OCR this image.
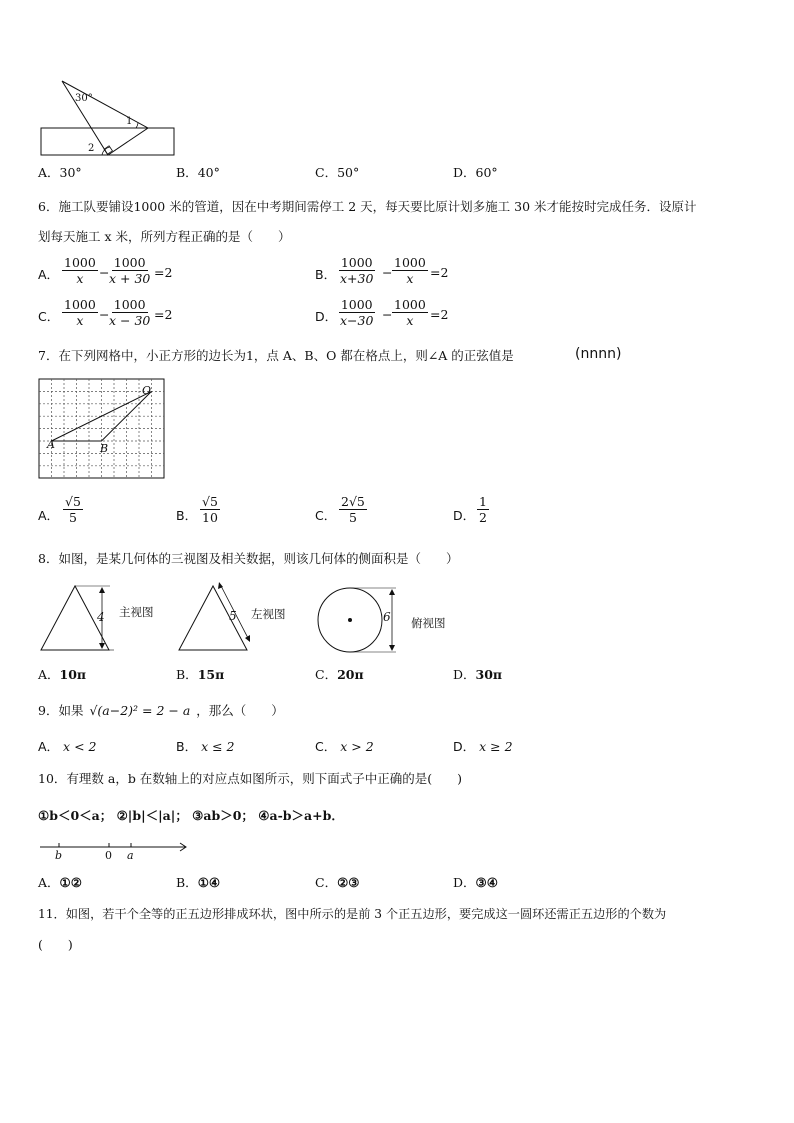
30°
1
2
A．30°	B．40°	C．50°	D．60°
6．施工队要铺设1000 米的管道，因在中考期间需停工 2 天，每天要比原计划多施工 30 米才能按时完成任务．设原计
划每天施工 x 米，所列方程正确的是（　　）
A． $\frac{1000}{x}$ −
$\frac{1000}{x + 30} =2$	B． $\frac{1000}{x+30} - \frac{1000}{x} =2$
C． $\frac{1000}{x}$ −
$\frac{1000}{x - 30} =2$	D． $\frac{1000}{x-30} - \frac{1000}{x} =2$
7．在下列网格中，小正方形的边长为1，点 A、B、O 都在格点上，则∠A 的正弦值是	(nnnn)
O
A	B
A． $\frac{√5}{5}$	B． $\frac{√5}{10}$	C． $\frac{2√5}{5}$	D． $\frac{1}{2}$
8．如图，是某几何体的三视图及相关数据，则该几何体的侧面积是（　　）
4 主视图	5 左视图	6 俯视图
A．10π	B．15π	C．20π	D．30π
9．如果 √(a−2)² = 2 − a ，那么（　　）
A． x < 2	B． x ≤ 2	C． x > 2	D． x ≥ 2
10．有理数 a，b 在数轴上的对应点如图所示，则下面式子中正确的是(　　)
①b＜0＜a； ②|b|＜|a|； ③ab＞0； ④a-b＞a+b．
b	0 a
A．①②	B．①④	C．②③	D．③④
11．如图，若干个全等的正五边形排成环状，图中所示的是前 3 个正五边形，要完成这一圆环还需正五边形的个数为
(　　)
